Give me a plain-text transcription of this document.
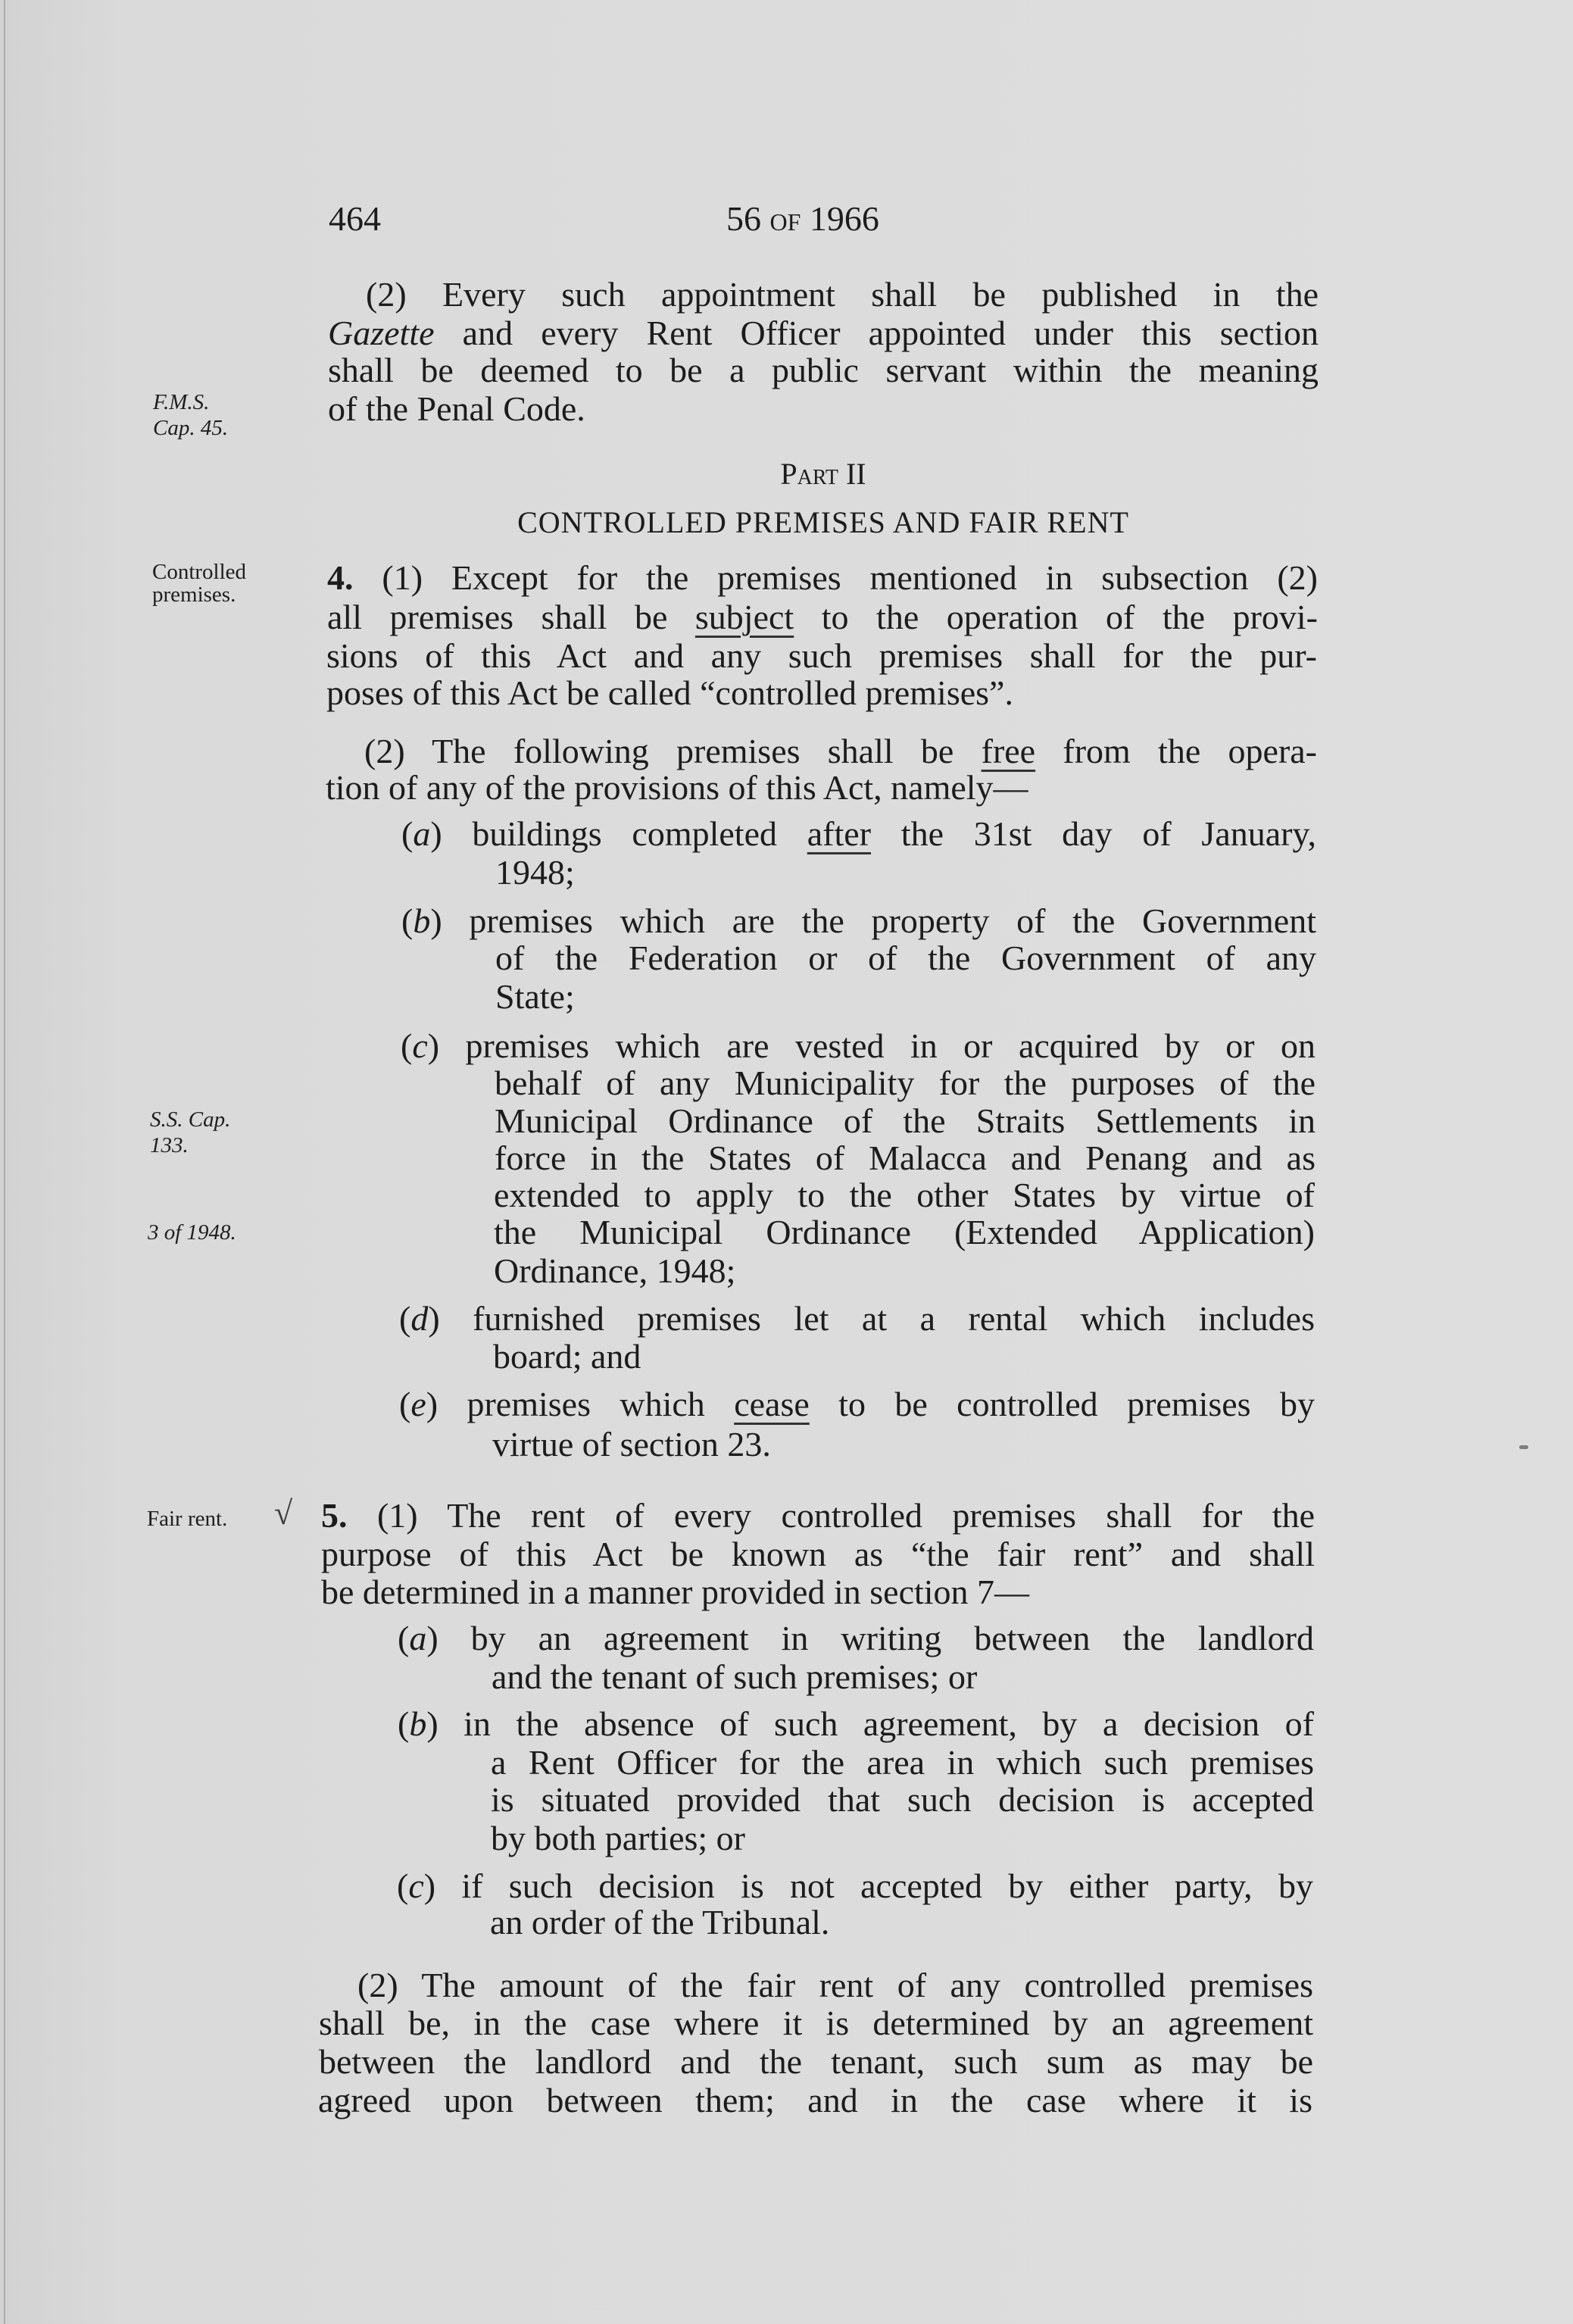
464	56 of 1966
F.M.S.
Cap. 45.
Controlled
premises.
S.S. Cap.
133.
3 of 1948.
Fair rent. √
(2) Every such appointment shall be published in the
Gazette and every Rent Officer appointed under this section
shall be deemed to be a public servant within the meaning
of the Penal Code.
Part II
CONTROLLED PREMISES AND FAIR RENT
4. (1) Except for the premises mentioned in subsection (2)
all premises shall be subject to the operation of the provi-
sions of this Act and any such premises shall for the pur-
poses of this Act be called “controlled premises”.
(2) The following premises shall be free from the opera-
tion of any of the provisions of this Act, namely—
(a) buildings completed after the 31st day of January,
1948;
(b) premises which are the property of the Government
of the Federation or of the Government of any
State;
(c) premises which are vested in or acquired by or on
behalf of any Municipality for the purposes of the
Municipal Ordinance of the Straits Settlements in
force in the States of Malacca and Penang and as
extended to apply to the other States by virtue of
the Municipal Ordinance (Extended Application)
Ordinance, 1948;
(d) furnished premises let at a rental which includes
board; and
(e) premises which cease to be controlled premises by
virtue of section 23.
5. (1) The rent of every controlled premises shall for the
purpose of this Act be known as “the fair rent” and shall
be determined in a manner provided in section 7—
(a) by an agreement in writing between the landlord
and the tenant of such premises; or
(b) in the absence of such agreement, by a decision of
a Rent Officer for the area in which such premises
is situated provided that such decision is accepted
by both parties; or
(c) if such decision is not accepted by either party, by
an order of the Tribunal.
(2) The amount of the fair rent of any controlled premises
shall be, in the case where it is determined by an agreement
between the landlord and the tenant, such sum as may be
agreed upon between them; and in the case where it is
